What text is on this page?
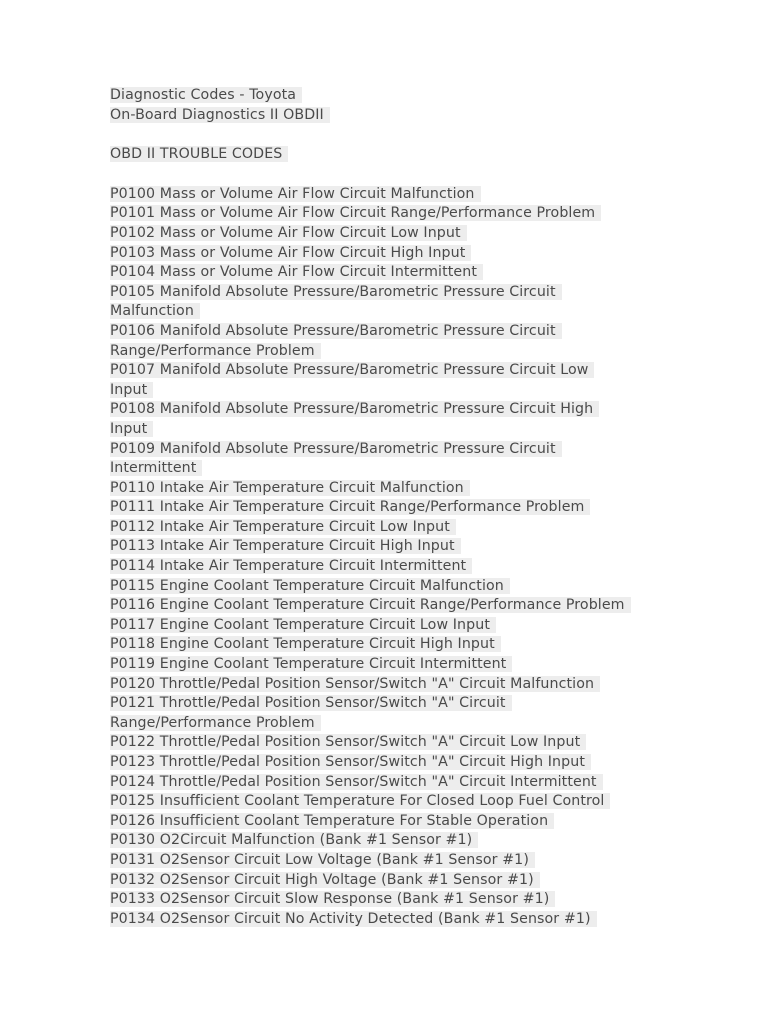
Diagnostic Codes - Toyota
On-Board Diagnostics II OBDII
OBD II TROUBLE CODES
P0100 Mass or Volume Air Flow Circuit Malfunction
P0101 Mass or Volume Air Flow Circuit Range/Performance Problem
P0102 Mass or Volume Air Flow Circuit Low Input
P0103 Mass or Volume Air Flow Circuit High Input
P0104 Mass or Volume Air Flow Circuit Intermittent
P0105 Manifold Absolute Pressure/Barometric Pressure Circuit
Malfunction
P0106 Manifold Absolute Pressure/Barometric Pressure Circuit
Range/Performance Problem
P0107 Manifold Absolute Pressure/Barometric Pressure Circuit Low
Input
P0108 Manifold Absolute Pressure/Barometric Pressure Circuit High
Input
P0109 Manifold Absolute Pressure/Barometric Pressure Circuit
Intermittent
P0110 Intake Air Temperature Circuit Malfunction
P0111 Intake Air Temperature Circuit Range/Performance Problem
P0112 Intake Air Temperature Circuit Low Input
P0113 Intake Air Temperature Circuit High Input
P0114 Intake Air Temperature Circuit Intermittent
P0115 Engine Coolant Temperature Circuit Malfunction
P0116 Engine Coolant Temperature Circuit Range/Performance Problem
P0117 Engine Coolant Temperature Circuit Low Input
P0118 Engine Coolant Temperature Circuit High Input
P0119 Engine Coolant Temperature Circuit Intermittent
P0120 Throttle/Pedal Position Sensor/Switch "A" Circuit Malfunction
P0121 Throttle/Pedal Position Sensor/Switch "A" Circuit
Range/Performance Problem
P0122 Throttle/Pedal Position Sensor/Switch "A" Circuit Low Input
P0123 Throttle/Pedal Position Sensor/Switch "A" Circuit High Input
P0124 Throttle/Pedal Position Sensor/Switch "A" Circuit Intermittent
P0125 Insufficient Coolant Temperature For Closed Loop Fuel Control
P0126 Insufficient Coolant Temperature For Stable Operation
P0130 O2Circuit Malfunction (Bank #1 Sensor #1)
P0131 O2Sensor Circuit Low Voltage (Bank #1 Sensor #1)
P0132 O2Sensor Circuit High Voltage (Bank #1 Sensor #1)
P0133 O2Sensor Circuit Slow Response (Bank #1 Sensor #1)
P0134 O2Sensor Circuit No Activity Detected (Bank #1 Sensor #1)
